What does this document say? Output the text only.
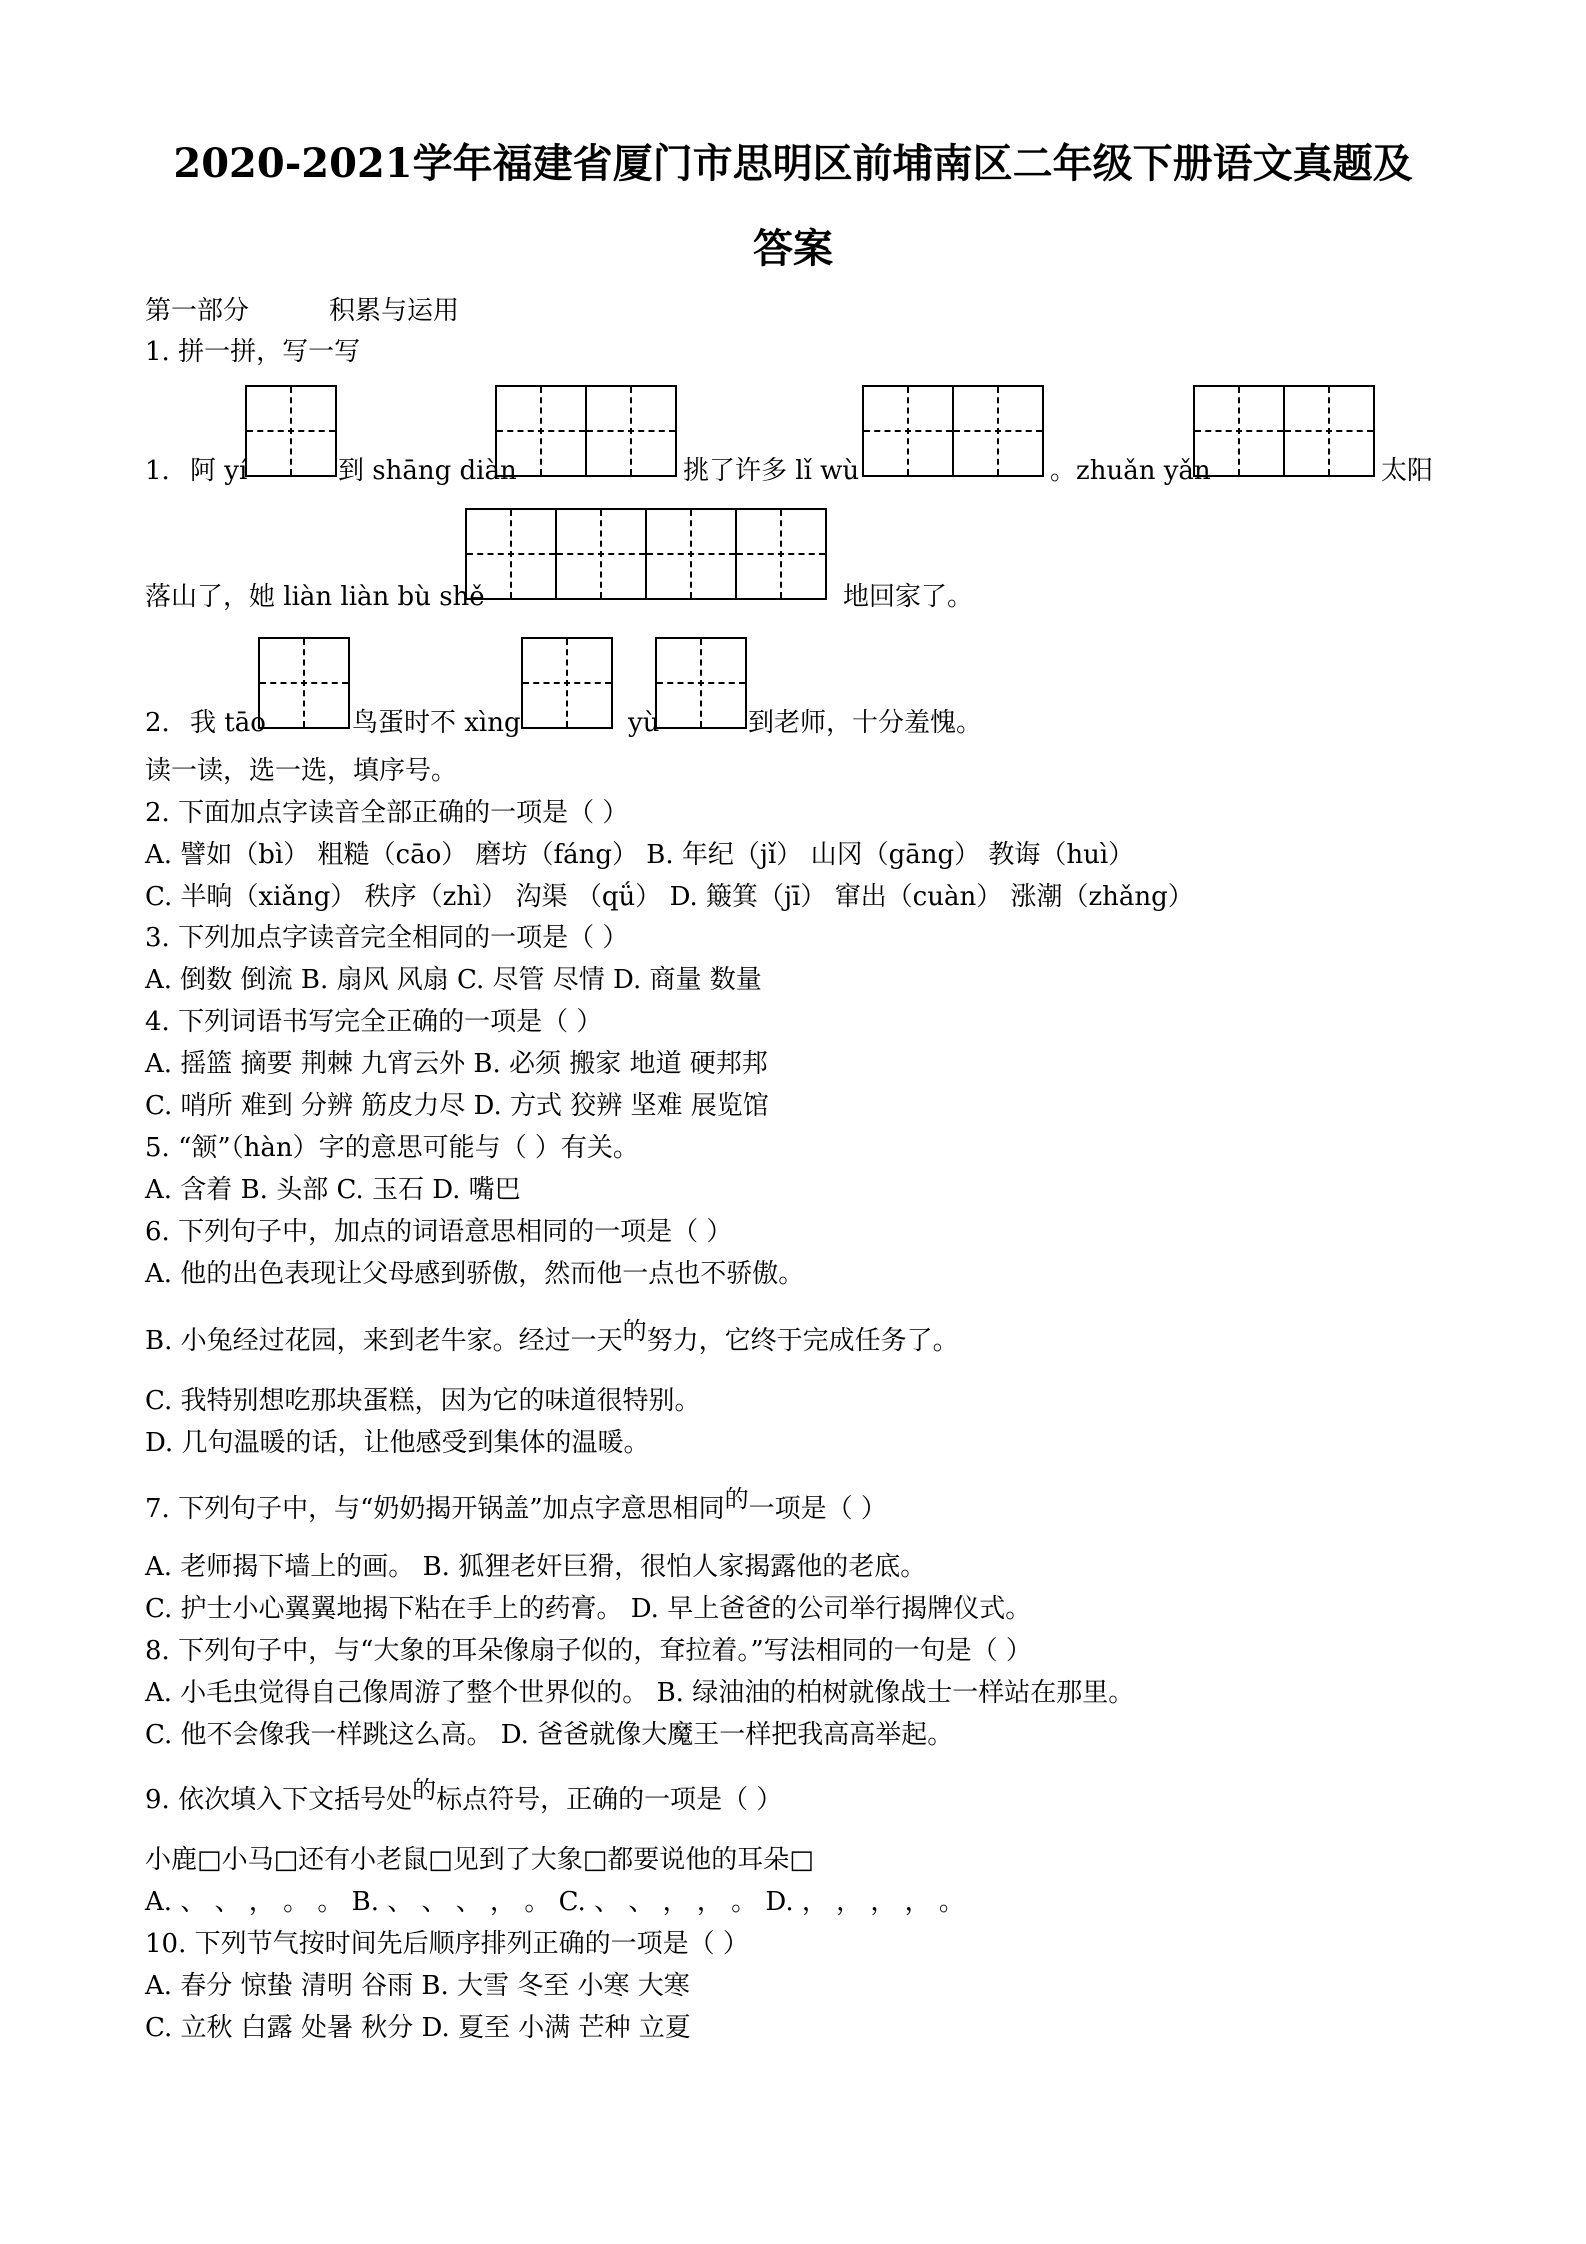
2020-2021学年福建省厦门市思明区前埔南区二年级下册语文真题及
答案
第一部分	积累与运用
1. 拼一拼，写一写
1. 阿 yí	到 shāng diàn	挑了许多 lǐ wù	。zhuǎn yǎn	太阳
落山了，她 liàn liàn bù shě	地回家了。
2. 我 tāo	鸟蛋时不 xìng	yù	到老师，十分羞愧。
读一读，选一选，填序号。
2. 下面加点字读音全部正确的一项是（ ）
A. 譬如（bì） 粗糙（cāo） 磨坊（fáng） B. 年纪（jǐ） 山冈（gāng） 教诲（huì）
C. 半晌（xiǎng） 秩序（zhì） 沟渠 （qǘ） D. 簸箕（jī） 窜出（cuàn） 涨潮（zhǎng）
3. 下列加点字读音完全相同的一项是（ ）
A. 倒数 倒流 B. 扇风 风扇 C. 尽管 尽情 D. 商量 数量
4. 下列词语书写完全正确的一项是（ ）
A. 摇篮 摘要 荆棘 九宵云外 B. 必须 搬家 地道 硬邦邦
C. 哨所 难到 分辨 筋皮力尽 D. 方式 狡辨 坚难 展览馆
5. “颔”（hàn）字的意思可能与（ ）有关。
A. 含着 B. 头部 C. 玉石 D. 嘴巴
6. 下列句子中，加点的词语意思相同的一项是（ ）
A. 他的出色表现让父母感到骄傲，然而他一点也不骄傲。
B. 小兔经过花园，来到老牛家。经过一天的努力，它终于完成任务了。
C. 我特别想吃那块蛋糕，因为它的味道很特别。
D. 几句温暖的话，让他感受到集体的温暖。
7. 下列句子中，与“奶奶揭开锅盖”加点字意思相同的一项是（ ）
A. 老师揭下墙上的画。 B. 狐狸老奸巨猾，很怕人家揭露他的老底。
C. 护士小心翼翼地揭下粘在手上的药膏。 D. 早上爸爸的公司举行揭牌仪式。
8. 下列句子中，与“大象的耳朵像扇子似的，耷拉着。”写法相同的一句是（ ）
A. 小毛虫觉得自己像周游了整个世界似的。 B. 绿油油的柏树就像战士一样站在那里。
C. 他不会像我一样跳这么高。 D. 爸爸就像大魔王一样把我高高举起。
9. 依次填入下文括号处的标点符号，正确的一项是（ ）
小鹿□小马□还有小老鼠□见到了大象□都要说他的耳朵□
A. 、 、 ， 。 。 B. 、 、 、 ， 。 C. 、 、 ， ， 。 D. ， ， ， ， 。
10. 下列节气按时间先后顺序排列正确的一项是（ ）
A. 春分 惊蛰 清明 谷雨 B. 大雪 冬至 小寒 大寒
C. 立秋 白露 处暑 秋分 D. 夏至 小满 芒种 立夏
